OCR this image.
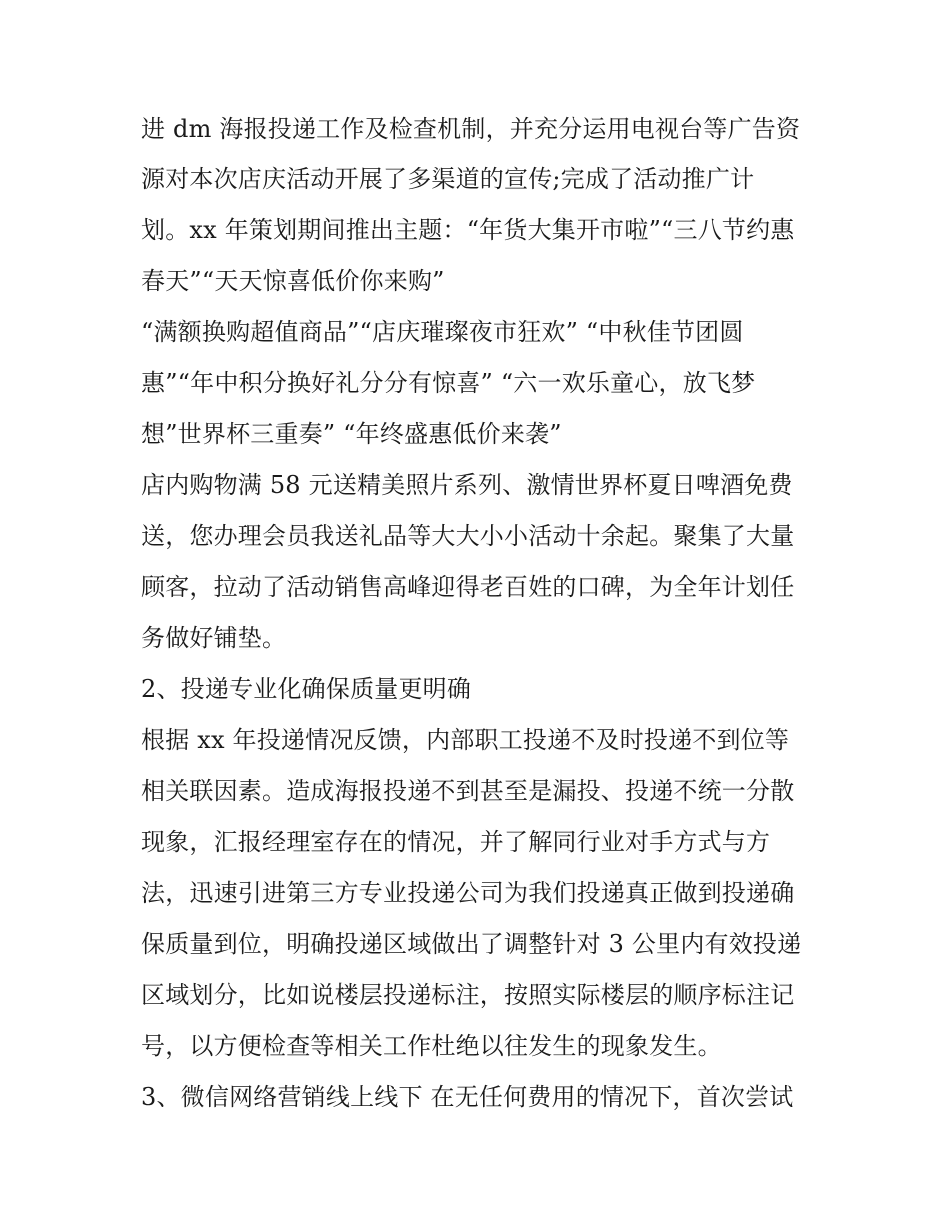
进 dm 海报投递工作及检查机制，并充分运用电视台等广告资
源对本次店庆活动开展了多渠道的宣传;完成了活动推广计
划。xx 年策划期间推出主题：“年货大集开市啦”“三八节约惠
春天”“天天惊喜低价你来购”
“满额换购超值商品”“店庆璀璨夜市狂欢” “中秋佳节团圆
惠”“年中积分换好礼分分有惊喜” “六一欢乐童心，放飞梦
想”世界杯三重奏” “年终盛惠低价来袭”
店内购物满 58 元送精美照片系列、激情世界杯夏日啤酒免费
送，您办理会员我送礼品等大大小小活动十余起。聚集了大量
顾客，拉动了活动销售高峰迎得老百姓的口碑，为全年计划任
务做好铺垫。
2、投递专业化确保质量更明确
根据 xx 年投递情况反馈，内部职工投递不及时投递不到位等
相关联因素。造成海报投递不到甚至是漏投、投递不统一分散
现象，汇报经理室存在的情况，并了解同行业对手方式与方
法，迅速引进第三方专业投递公司为我们投递真正做到投递确
保质量到位，明确投递区域做出了调整针对 3 公里内有效投递
区域划分，比如说楼层投递标注，按照实际楼层的顺序标注记
号，以方便检查等相关工作杜绝以往发生的现象发生。
3、微信网络营销线上线下 在无任何费用的情况下，首次尝试
